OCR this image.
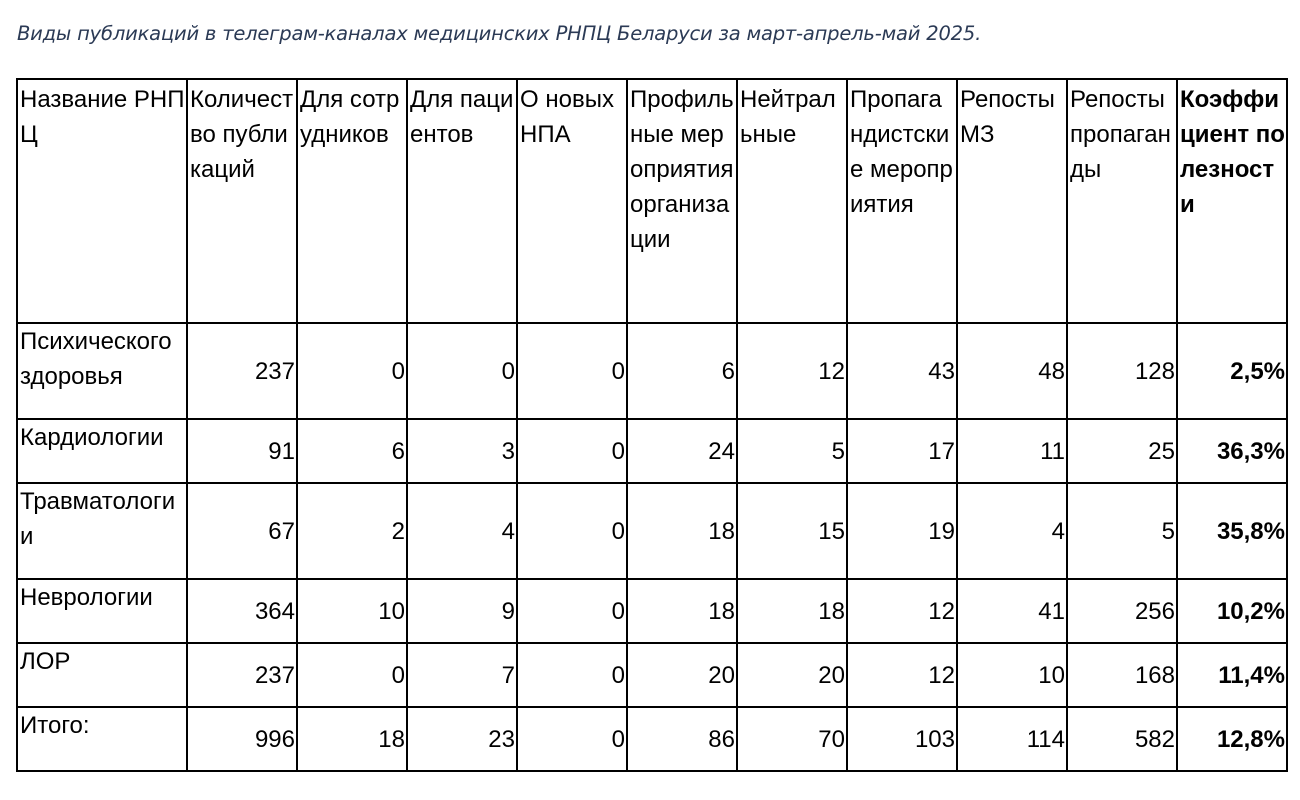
Виды публикаций в телеграм-каналах медицинских РНПЦ Беларуси за март-апрель-май 2025.
Название РНПЦ	Количество публикаций	Для сотрудников	Для пациентов	О новых НПА	Профильные мероприятия организации	Нейтральные	Пропагандистские мероприятия	Репосты МЗ	Репосты пропаганды	Коэффициент полезности
Психического здоровья	237	0	0	0	6	12	43	48	128	2,5%
Кардиологии	91	6	3	0	24	5	17	11	25	36,3%
Травматологии	67	2	4	0	18	15	19	4	5	35,8%
Неврологии	364	10	9	0	18	18	12	41	256	10,2%
ЛОР	237	0	7	0	20	20	12	10	168	11,4%
Итого:	996	18	23	0	86	70	103	114	582	12,8%
